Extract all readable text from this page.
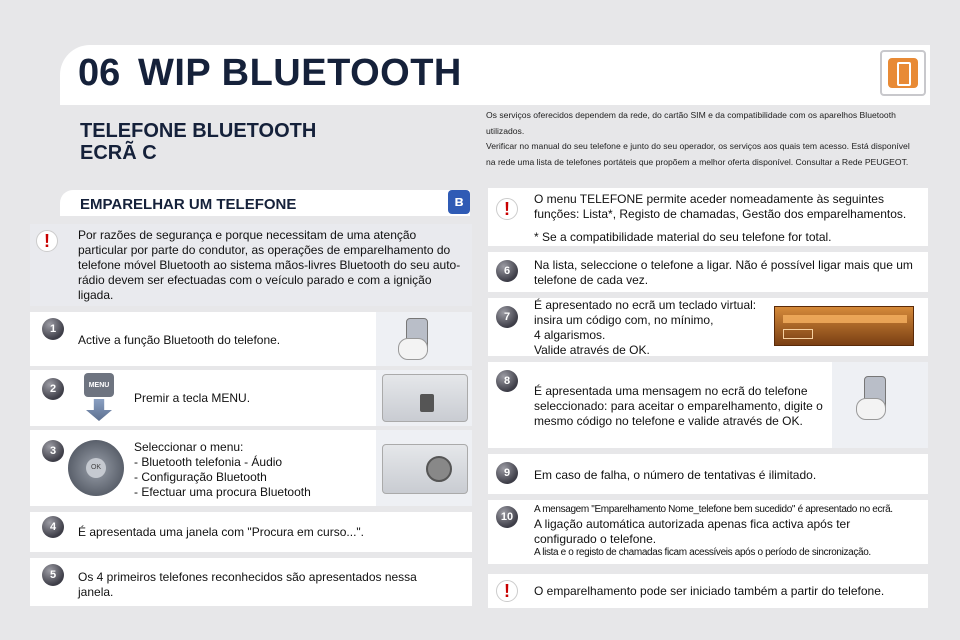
06 WIP BLUETOOTH
TELEFONE BLUETOOTH
ECRÃ C
Os serviços oferecidos dependem da rede, do cartão SIM e da compatibilidade com os aparelhos Bluetooth utilizados.
Verificar no manual do seu telefone e junto do seu operador, os serviços aos quais tem acesso. Está disponível na rede uma lista de telefones portáteis que propõem a melhor oferta disponível. Consultar a Rede PEUGEOT.
EMPARELHAR UM TELEFONE	ʙ
!	Por razões de segurança e porque necessitam de uma atenção particular por parte do condutor, as operações de emparelhamento do telefone móvel Bluetooth ao sistema mãos-livres Bluetooth do seu auto-rádio devem ser efectuadas com o veículo parado e com a ignição ligada.
1
Active a função Bluetooth do telefone.
2	MENU
Premir a tecla MENU.
3
OK
Seleccionar o menu:
- Bluetooth telefonia - Áudio
- Configuração Bluetooth
- Efectuar uma procura Bluetooth
4	É apresentada uma janela com "Procura em curso...".
5	Os 4 primeiros telefones reconhecidos são apresentados nessa janela.
!	O menu TELEFONE permite aceder nomeadamente às seguintes funções: Lista*, Registo de chamadas, Gestão dos emparelhamentos.
* Se a compatibilidade material do seu telefone for total.
6	Na lista, seleccione o telefone a ligar. Não é possível ligar mais que um telefone de cada vez.
7
É apresentado no ecrã um teclado virtual:
insira um código com, no mínimo,
4 algarismos.
Valide através de OK.
8
É apresentada uma mensagem no ecrã do telefone seleccionado: para aceitar o emparelhamento, digite o mesmo código no telefone e valide através de OK.
9	Em caso de falha, o número de tentativas é ilimitado.
10
A mensagem "Emparelhamento Nome_telefone bem sucedido" é apresentado no ecrã.
A ligação automática autorizada apenas fica activa após ter configurado o telefone.
A lista e o registo de chamadas ficam acessíveis após o período de sincronização.
!	O emparelhamento pode ser iniciado também a partir do telefone.
